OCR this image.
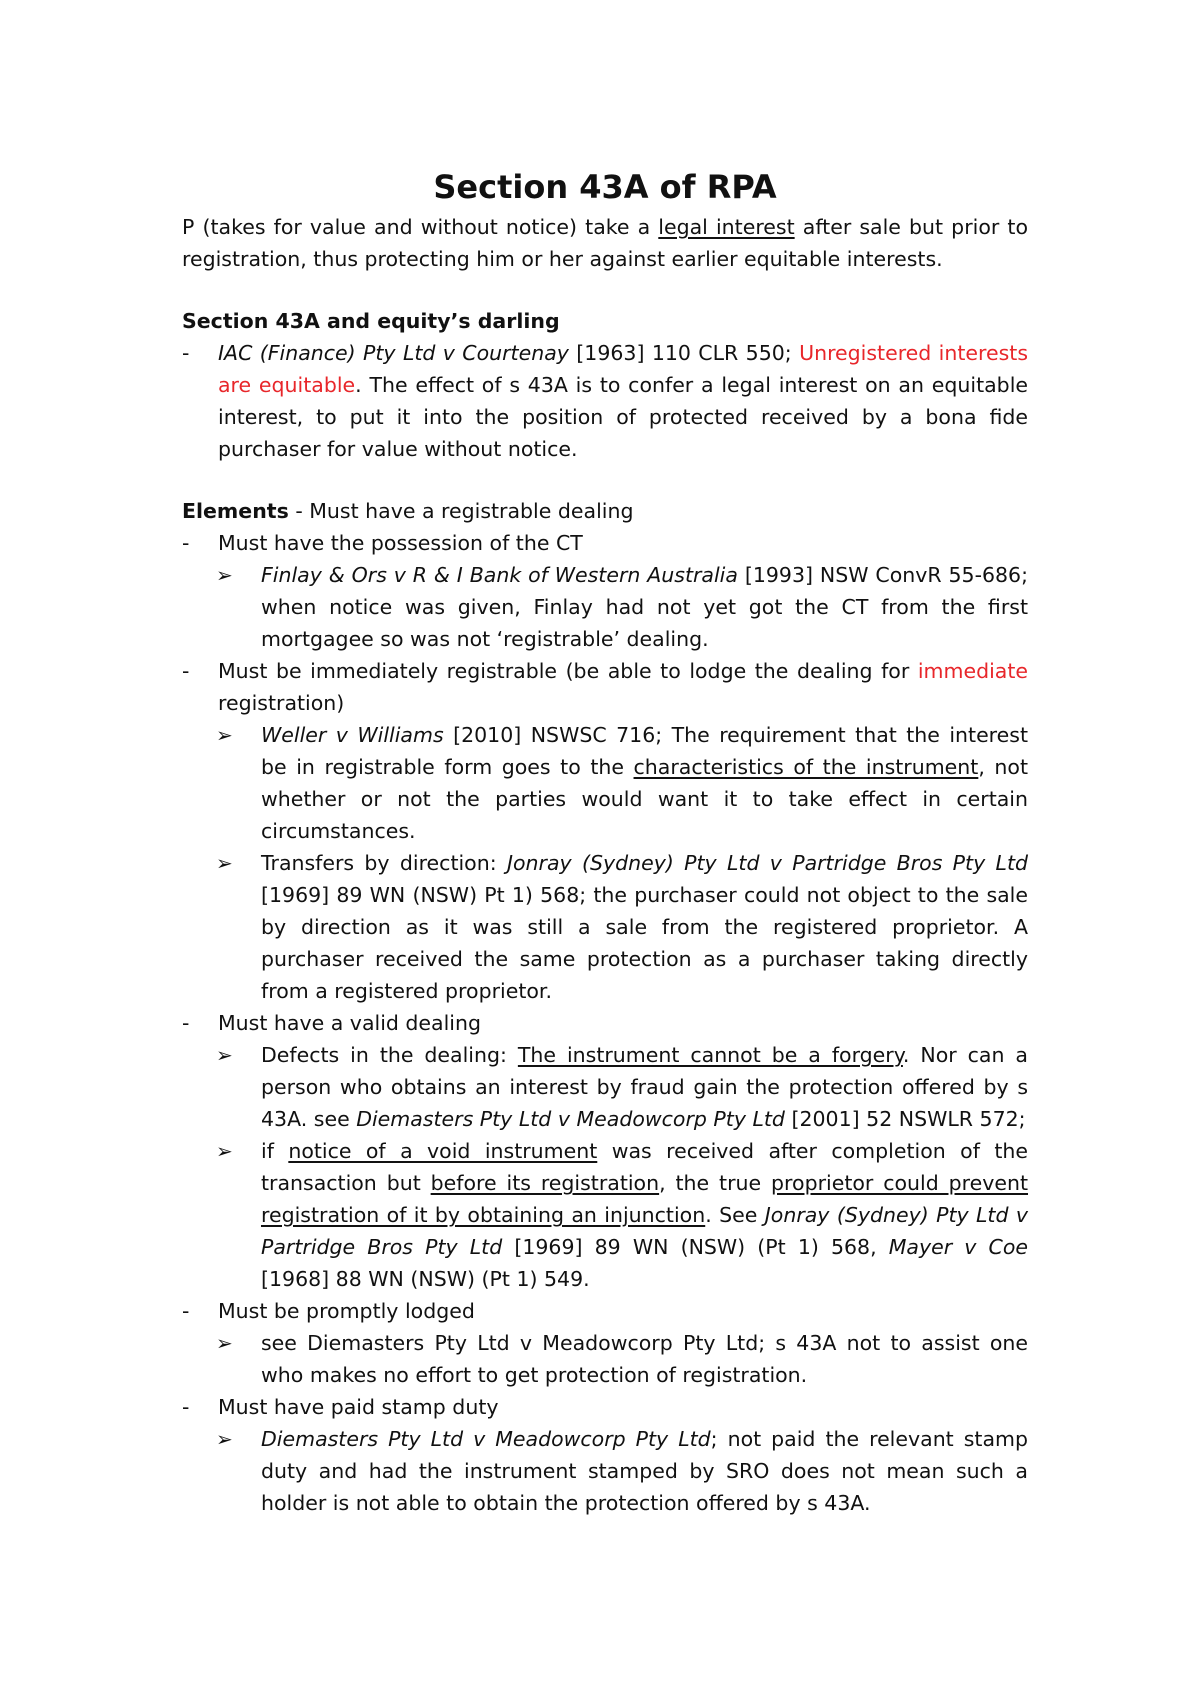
Section 43A of RPA

P (takes for value and without notice) take a legal interest after sale but prior to registration, thus protecting him or her against earlier equitable interests.

Section 43A and equity’s darling

- IAC (Finance) Pty Ltd v Courtenay [1963] 110 CLR 550; Unregistered interests are equitable. The effect of s 43A is to confer a legal interest on an equitable interest, to put it into the position of protected received by a bona fide purchaser for value without notice.

Elements - Must have a registrable dealing

- Must have the possession of the CT

➢ Finlay & Ors v R & I Bank of Western Australia [1993] NSW ConvR 55-686; when notice was given, Finlay had not yet got the CT from the first mortgagee so was not ‘registrable’ dealing.

- Must be immediately registrable (be able to lodge the dealing for immediate registration)

➢ Weller v Williams [2010] NSWSC 716; The requirement that the interest be in registrable form goes to the characteristics of the instrument, not whether or not the parties would want it to take effect in certain circumstances.

➢ Transfers by direction: Jonray (Sydney) Pty Ltd v Partridge Bros Pty Ltd [1969] 89 WN (NSW) Pt 1) 568; the purchaser could not object to the sale by direction as it was still a sale from the registered proprietor. A purchaser received the same protection as a purchaser taking directly from a registered proprietor.

- Must have a valid dealing

➢ Defects in the dealing: The instrument cannot be a forgery. Nor can a person who obtains an interest by fraud gain the protection offered by s 43A. see Diemasters Pty Ltd v Meadowcorp Pty Ltd [2001] 52 NSWLR 572;

➢ if notice of a void instrument was received after completion of the transaction but before its registration, the true proprietor could prevent registration of it by obtaining an injunction. See Jonray (Sydney) Pty Ltd v Partridge Bros Pty Ltd [1969] 89 WN (NSW) (Pt 1) 568, Mayer v Coe [1968] 88 WN (NSW) (Pt 1) 549.

- Must be promptly lodged

➢ see Diemasters Pty Ltd v Meadowcorp Pty Ltd; s 43A not to assist one who makes no effort to get protection of registration.

- Must have paid stamp duty

➢ Diemasters Pty Ltd v Meadowcorp Pty Ltd; not paid the relevant stamp duty and had the instrument stamped by SRO does not mean such a holder is not able to obtain the protection offered by s 43A.
